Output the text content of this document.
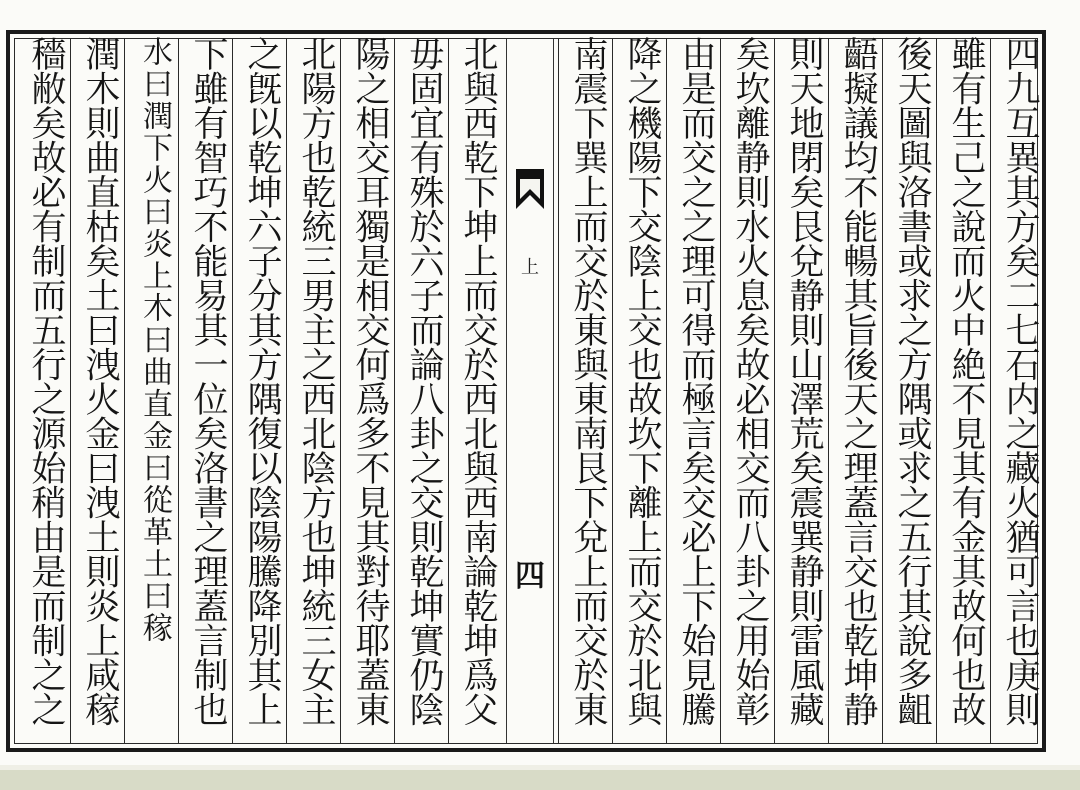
四九互異其方矣二七石内之藏火猶可言也庚則
雖有生己之說而火中絶不見其有金其故何也故
後天圖與洛書或求之方隅或求之五行其說多齟
齬擬議均不能暢其旨後天之理蓋言交也乾坤静
則天地閉矣艮兌静則山澤荒矣震巽静則雷風藏
矣坎離静則水火息矣故必相交而八卦之用始彰
由是而交之之理可得而極言矣交必上下始見騰
降之機陽下交陰上交也故坎下離上而交於北與
南震下巽上而交於東與東南艮下兌上而交於東
上
四
北與西乾下坤上而交於西北與西南論乾坤爲父
毋固宜有殊於六子而論八卦之交則乾坤實仍陰
陽之相交耳獨是相交何爲多不見其對待耶蓋東
北陽方也乾統三男主之西北陰方也坤統三女主
之旣以乾坤六子分其方隅復以陰陽騰降別其上
下雖有智巧不能易其一位矣洛書之理蓋言制也
水曰潤下火曰炎上木曰曲直金曰從革土曰稼
潤木則曲直枯矣土曰洩火金曰洩土則炎上咸稼
穡敝矣故必有制而五行之源始稍由是而制之之
